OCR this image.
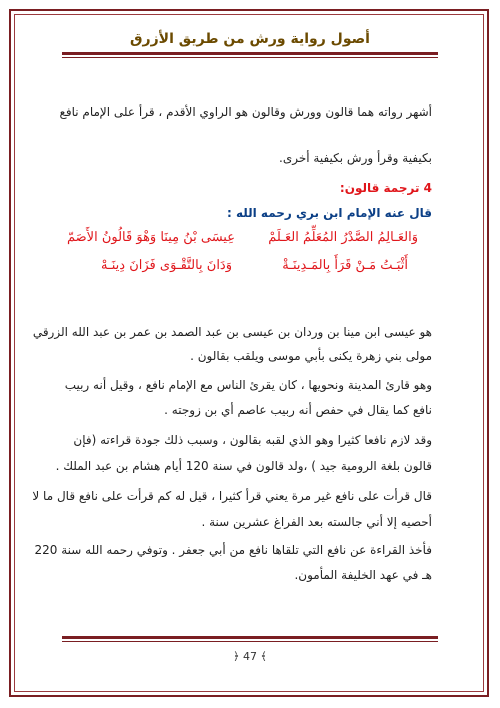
أصول رواية ورش من طريق الأزرق
أشهر رواته هما قالون وورش وقالون هو الراوي الأقدم ، قرأ على الإمام نافع
بكيفية وقرأ ورش بكيفية أخرى.
4 ترجمة قالون:
قال عنه الإمام ابن بري رحمه الله :
وَالعَـالِمُ الصَّدْرُ المُعَلِّمُ العَـلَمْ
عِيسَى بْنُ مِينَا وَهْوَ قَالُونُ الأَصَمّ
أَثْبَـتُ مَـنْ قَرَأَ بِالمَـدِينَـةْ
وَدَانَ بِالتَّقْـوَى فَزَانَ دِينَـهْ
هو عيسى ابن مينا بن وردان بن عيسى بن عبد الصمد بن عمر بن عبد الله الزرقي
مولى بني زهرة يكنى بأبي موسى ويلقب بقالون .
وهو قارئ المدينة ونحويها ، كان يقرئ الناس مع الإمام نافع ، وقيل أنه ربيب
نافع كما يقال في حفص أنه ربيب عاصم أي بن زوجته .
وقد لازم نافعا كثيرا وهو الذي لقبه بقالون ، وسبب ذلك جودة قراءته (فإن
قالون بلغة الرومية جيد ) ،ولد قالون في سنة 120 أيام هشام بن عبد الملك .
قال قرأت على نافع غير مرة يعني قرأ كثيرا ، قيل له كم قرأت على نافع قال ما لا
أحصيه إلا أني جالسته بعد الفراغ عشرين سنة .
فأخذ القراءة عن نافع التي تلقاها نافع من أبي جعفر . وتوفي رحمه الله سنة 220
هـ في عهد الخليفة المأمون.
﴿ 47 ﴾
